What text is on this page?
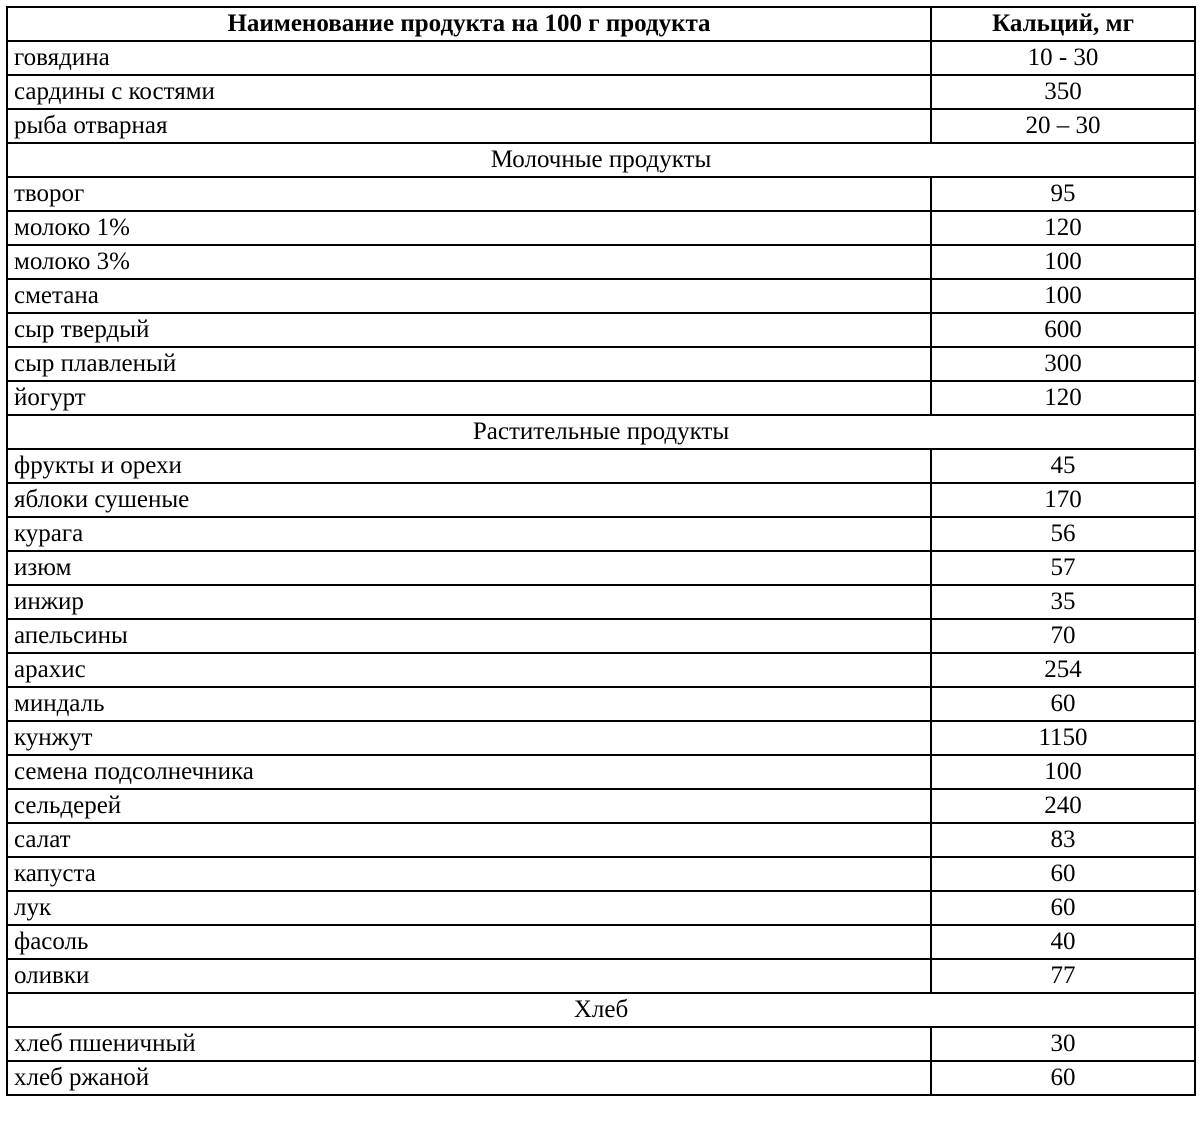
Наименование продукта на 100 г продукта	Кальций, мг
говядина	10 - 30
сардины с костями	350
рыба отварная	20 – 30
Молочные продукты	
творог	95
молоко 1%	120
молоко 3%	100
сметана	100
сыр твердый	600
сыр плавленый	300
йогурт	120
Растительные продукты	
фрукты и орехи	45
яблоки сушеные	170
курага	56
изюм	57
инжир	35
апельсины	70
арахис	254
миндаль	60
кунжут	1150
семена подсолнечника	100
сельдерей	240
салат	83
капуста	60
лук	60
фасоль	40
оливки	77
Хлеб	
хлеб пшеничный	30
хлеб ржаной	60
